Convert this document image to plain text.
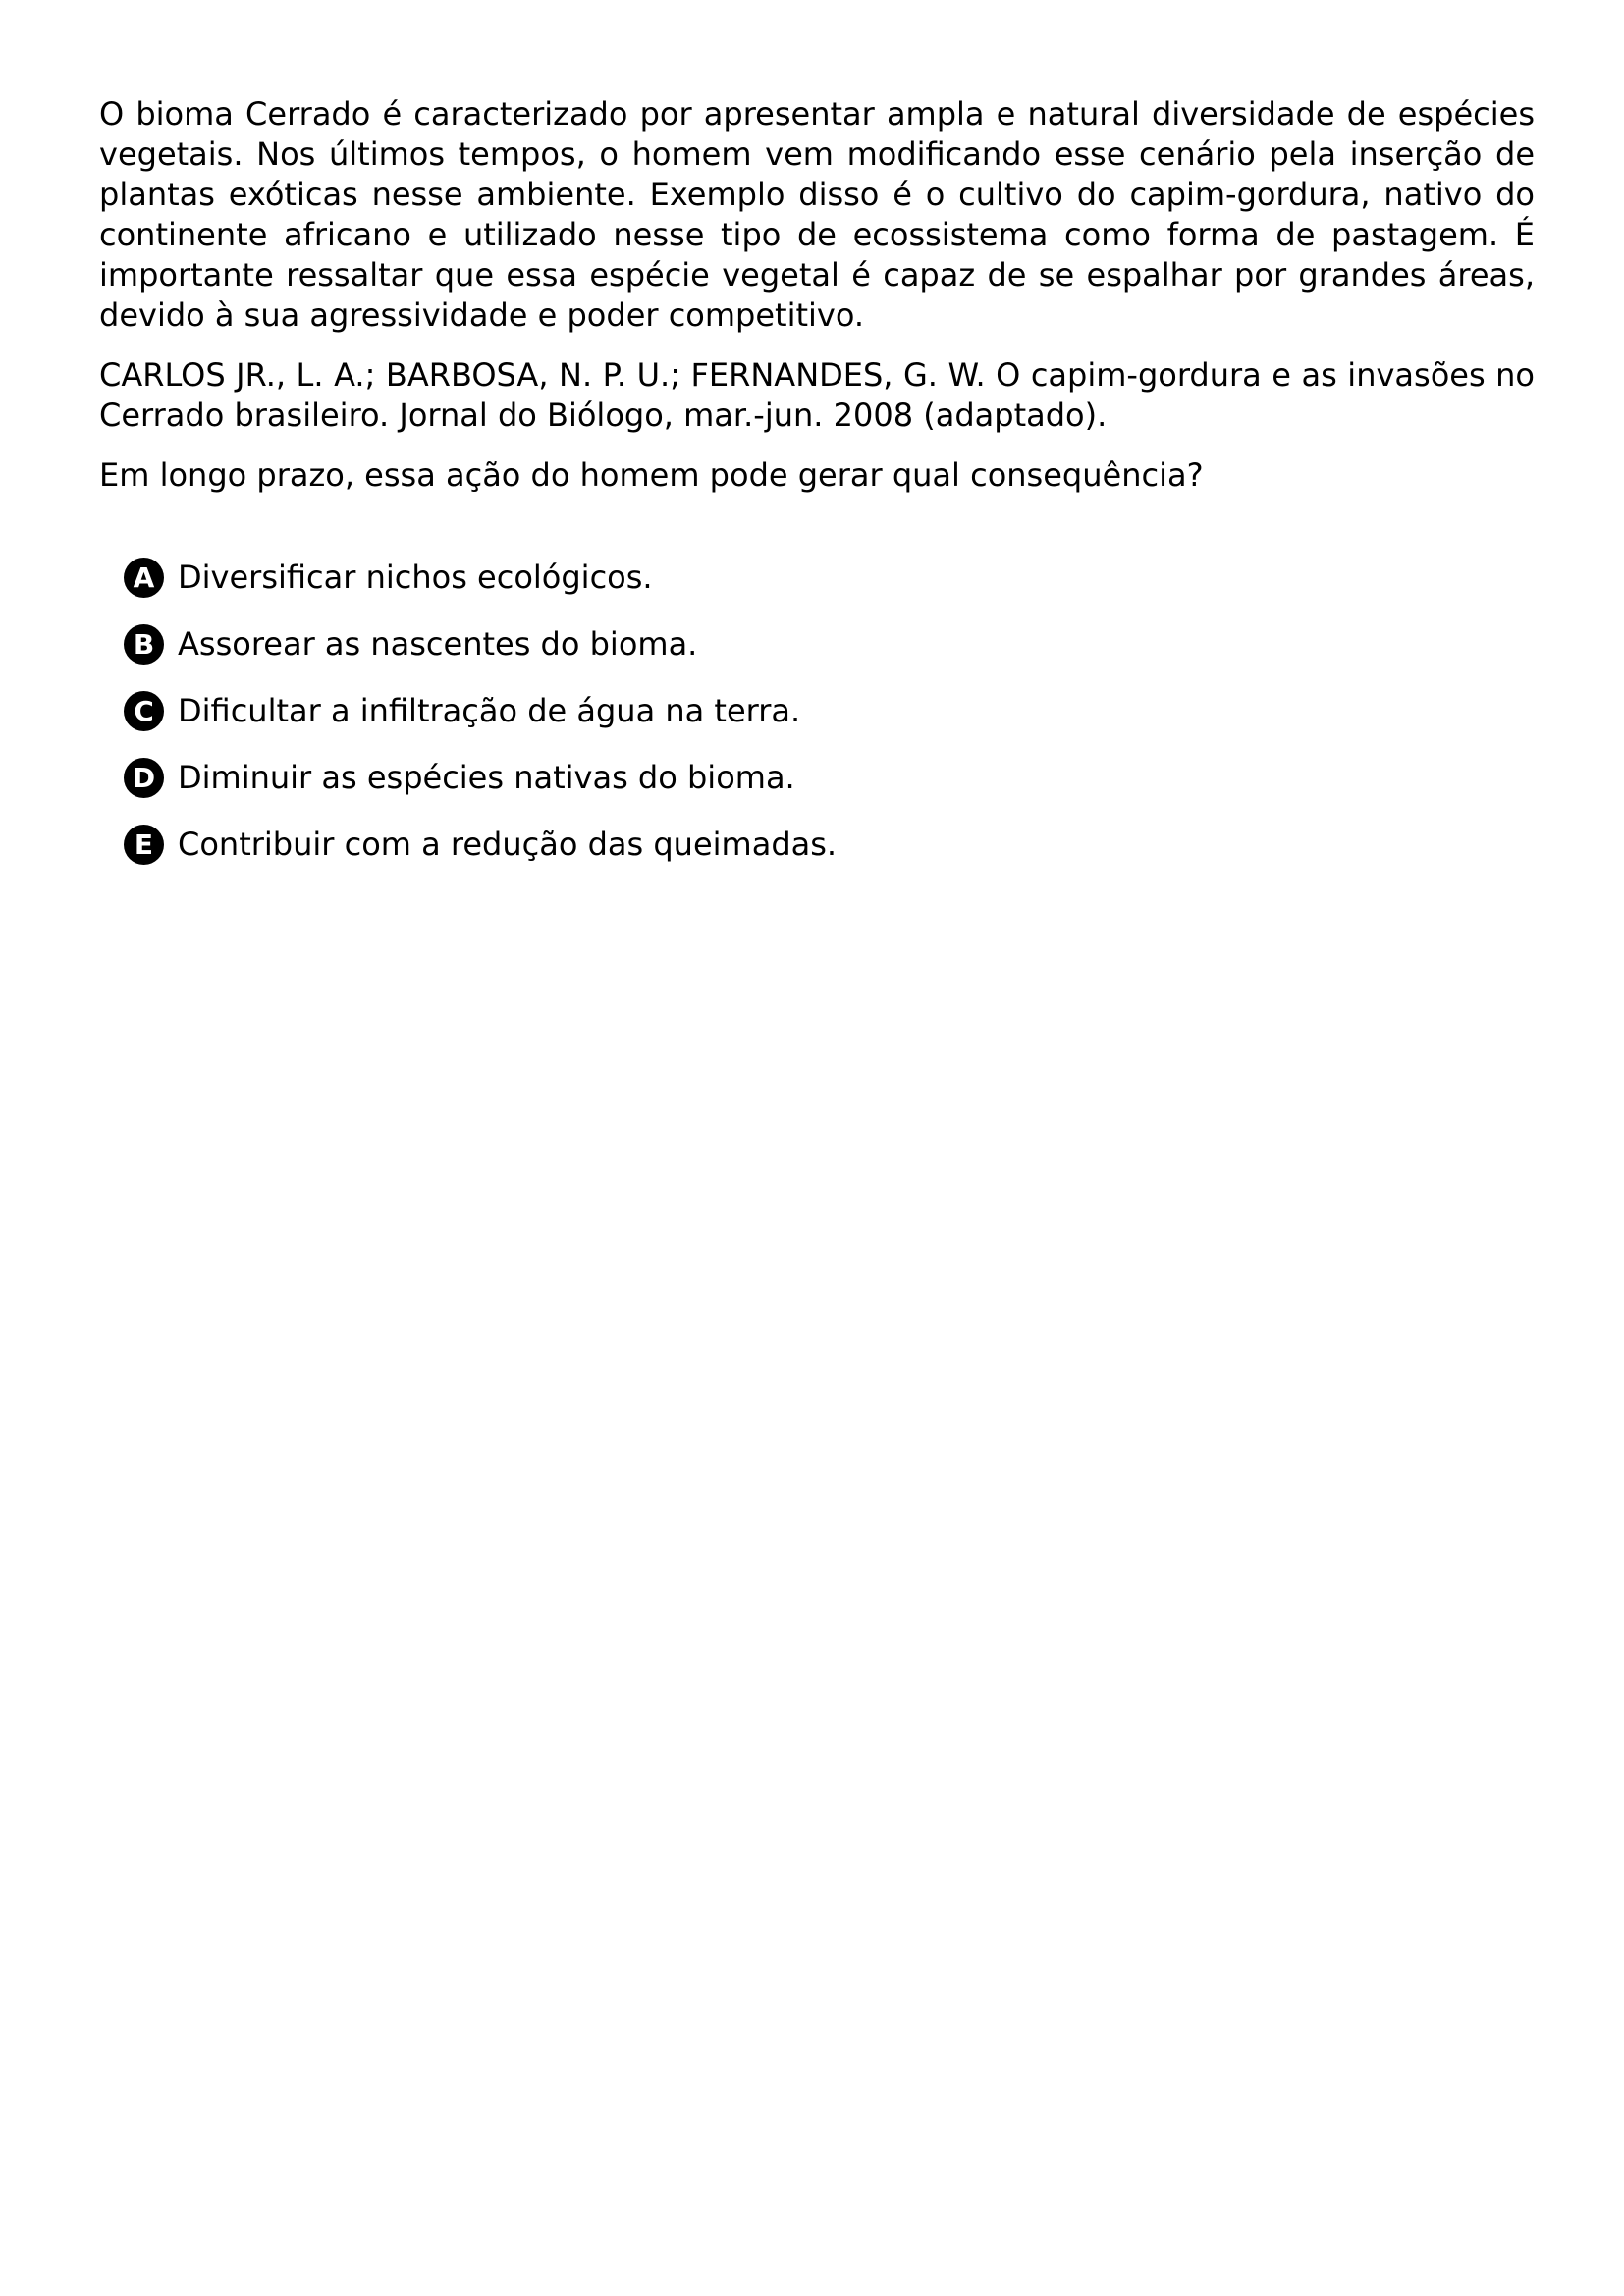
O bioma Cerrado é caracterizado por apresentar ampla e natural diversidade de espécies vegetais. Nos últimos tempos, o homem vem modificando esse cenário pela inserção de plantas exóticas nesse ambiente. Exemplo disso é o cultivo do capim-gordura, nativo do continente africano e utilizado nesse tipo de ecossistema como forma de pastagem. É importante ressaltar que essa espécie vegetal é capaz de se espalhar por grandes áreas, devido à sua agressividade e poder competitivo.

CARLOS JR., L. A.; BARBOSA, N. P. U.; FERNANDES, G. W. O capim-gordura e as invasões no Cerrado brasileiro. Jornal do Biólogo, mar.-jun. 2008 (adaptado).

Em longo prazo, essa ação do homem pode gerar qual consequência?

A Diversificar nichos ecológicos.
B Assorear as nascentes do bioma.
C Dificultar a infiltração de água na terra.
D Diminuir as espécies nativas do bioma.
E Contribuir com a redução das queimadas.
